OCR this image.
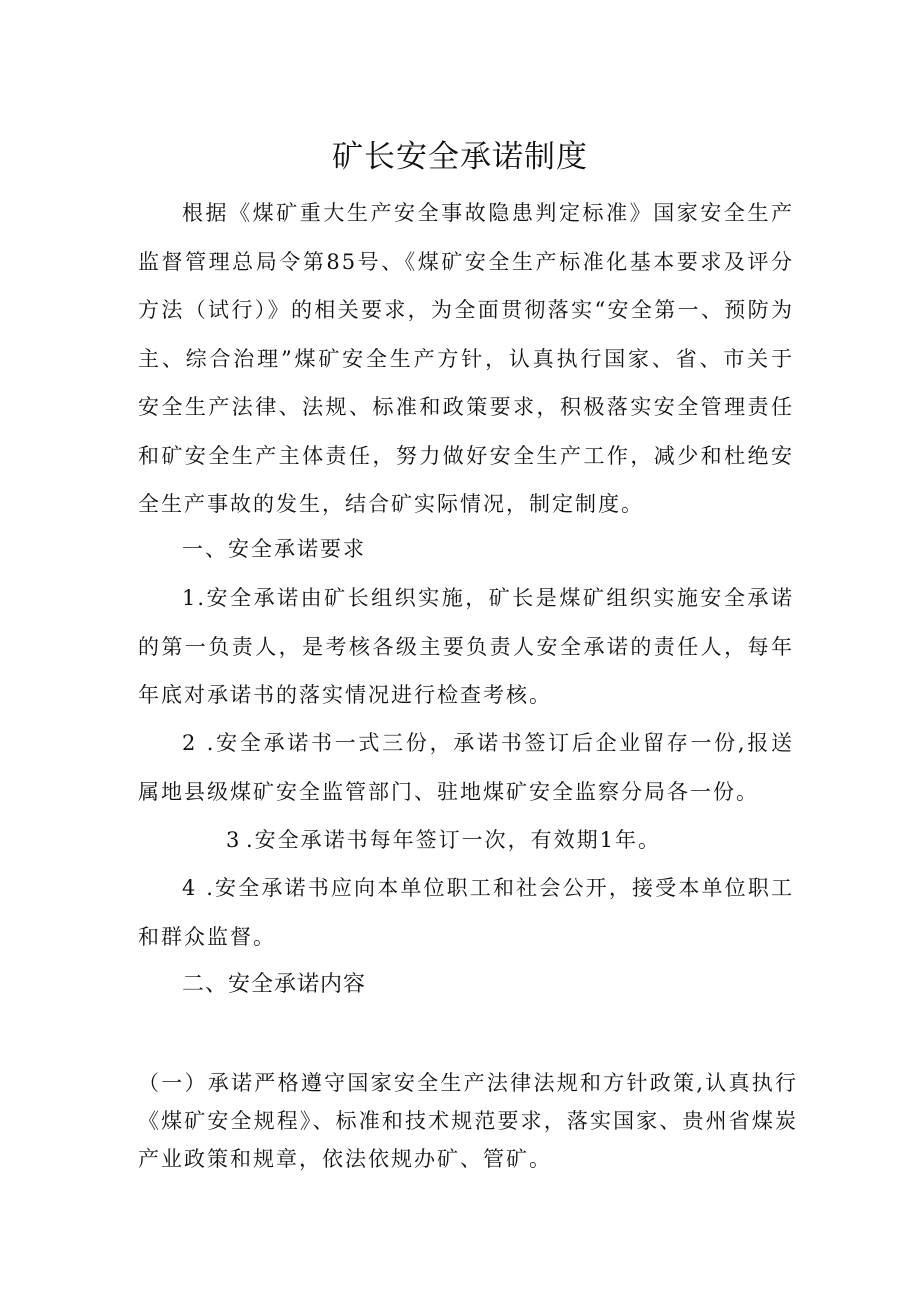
矿长安全承诺制度

根据《煤矿重大生产安全事故隐患判定标准》国家安全生产监督管理总局令第85号、《煤矿安全生产标准化基本要求及评分方法（试行）》的相关要求，为全面贯彻落实“安全第一、预防为主、综合治理”煤矿安全生产方针，认真执行国家、省、市关于安全生产法律、法规、标准和政策要求，积极落实安全管理责任和矿安全生产主体责任，努力做好安全生产工作，减少和杜绝安全生产事故的发生，结合矿实际情况，制定制度。

一、安全承诺要求

1.安全承诺由矿长组织实施，矿长是煤矿组织实施安全承诺的第一负责人，是考核各级主要负责人安全承诺的责任人，每年年底对承诺书的落实情况进行检查考核。

2 .安全承诺书一式三份，承诺书签订后企业留存一份,报送属地县级煤矿安全监管部门、驻地煤矿安全监察分局各一份。

3 .安全承诺书每年签订一次，有效期1年。

4 .安全承诺书应向本单位职工和社会公开，接受本单位职工和群众监督。

二、安全承诺内容

（一）承诺严格遵守国家安全生产法律法规和方针政策,认真执行《煤矿安全规程》、标准和技术规范要求，落实国家、贵州省煤炭产业政策和规章，依法依规办矿、管矿。
